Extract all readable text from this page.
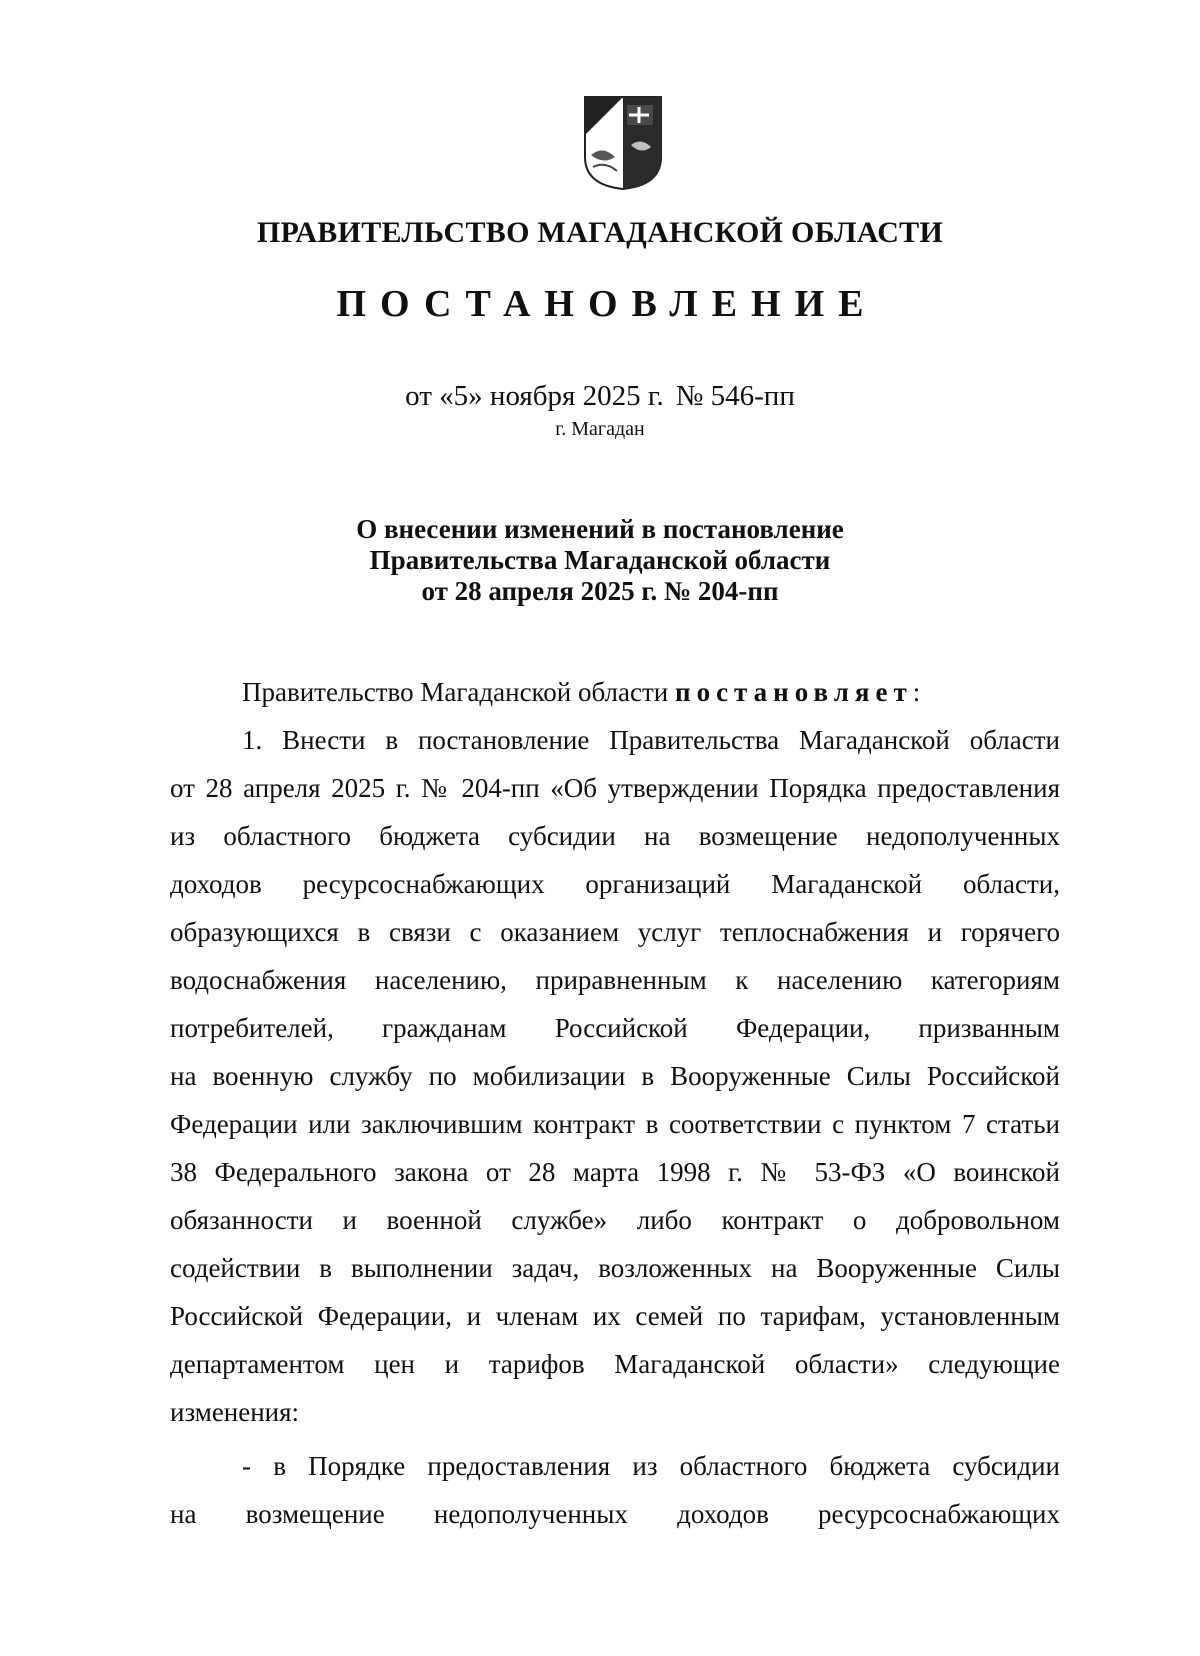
ПРАВИТЕЛЬСТВО МАГАДАНСКОЙ ОБЛАСТИ
ПОСТАНОВЛЕНИЕ
от «5» ноября 2025 г. № 546-пп
г. Магадан
О внесении изменений в постановление
Правительства Магаданской области
от 28 апреля 2025 г. № 204-пп

Правительство Магаданской области постановляет:

1. Внести в постановление Правительства Магаданской области
от 28 апреля 2025 г. № 204-пп «Об утверждении Порядка предоставления
из областного бюджета субсидии на возмещение недополученных
доходов ресурсоснабжающих организаций Магаданской области,
образующихся в связи с оказанием услуг теплоснабжения и горячего
водоснабжения населению, приравненным к населению категориям
потребителей, гражданам Российской Федерации, призванным
на военную службу по мобилизации в Вооруженные Силы Российской
Федерации или заключившим контракт в соответствии с пунктом 7 статьи
38 Федерального закона от 28 марта 1998 г. № 53-ФЗ «О воинской
обязанности и военной службе» либо контракт о добровольном
содействии в выполнении задач, возложенных на Вооруженные Силы
Российской Федерации, и членам их семей по тарифам, установленным
департаментом цен и тарифов Магаданской области» следующие
изменения:
- в Порядке предоставления из областного бюджета субсидии
на возмещение недополученных доходов ресурсоснабжающих
